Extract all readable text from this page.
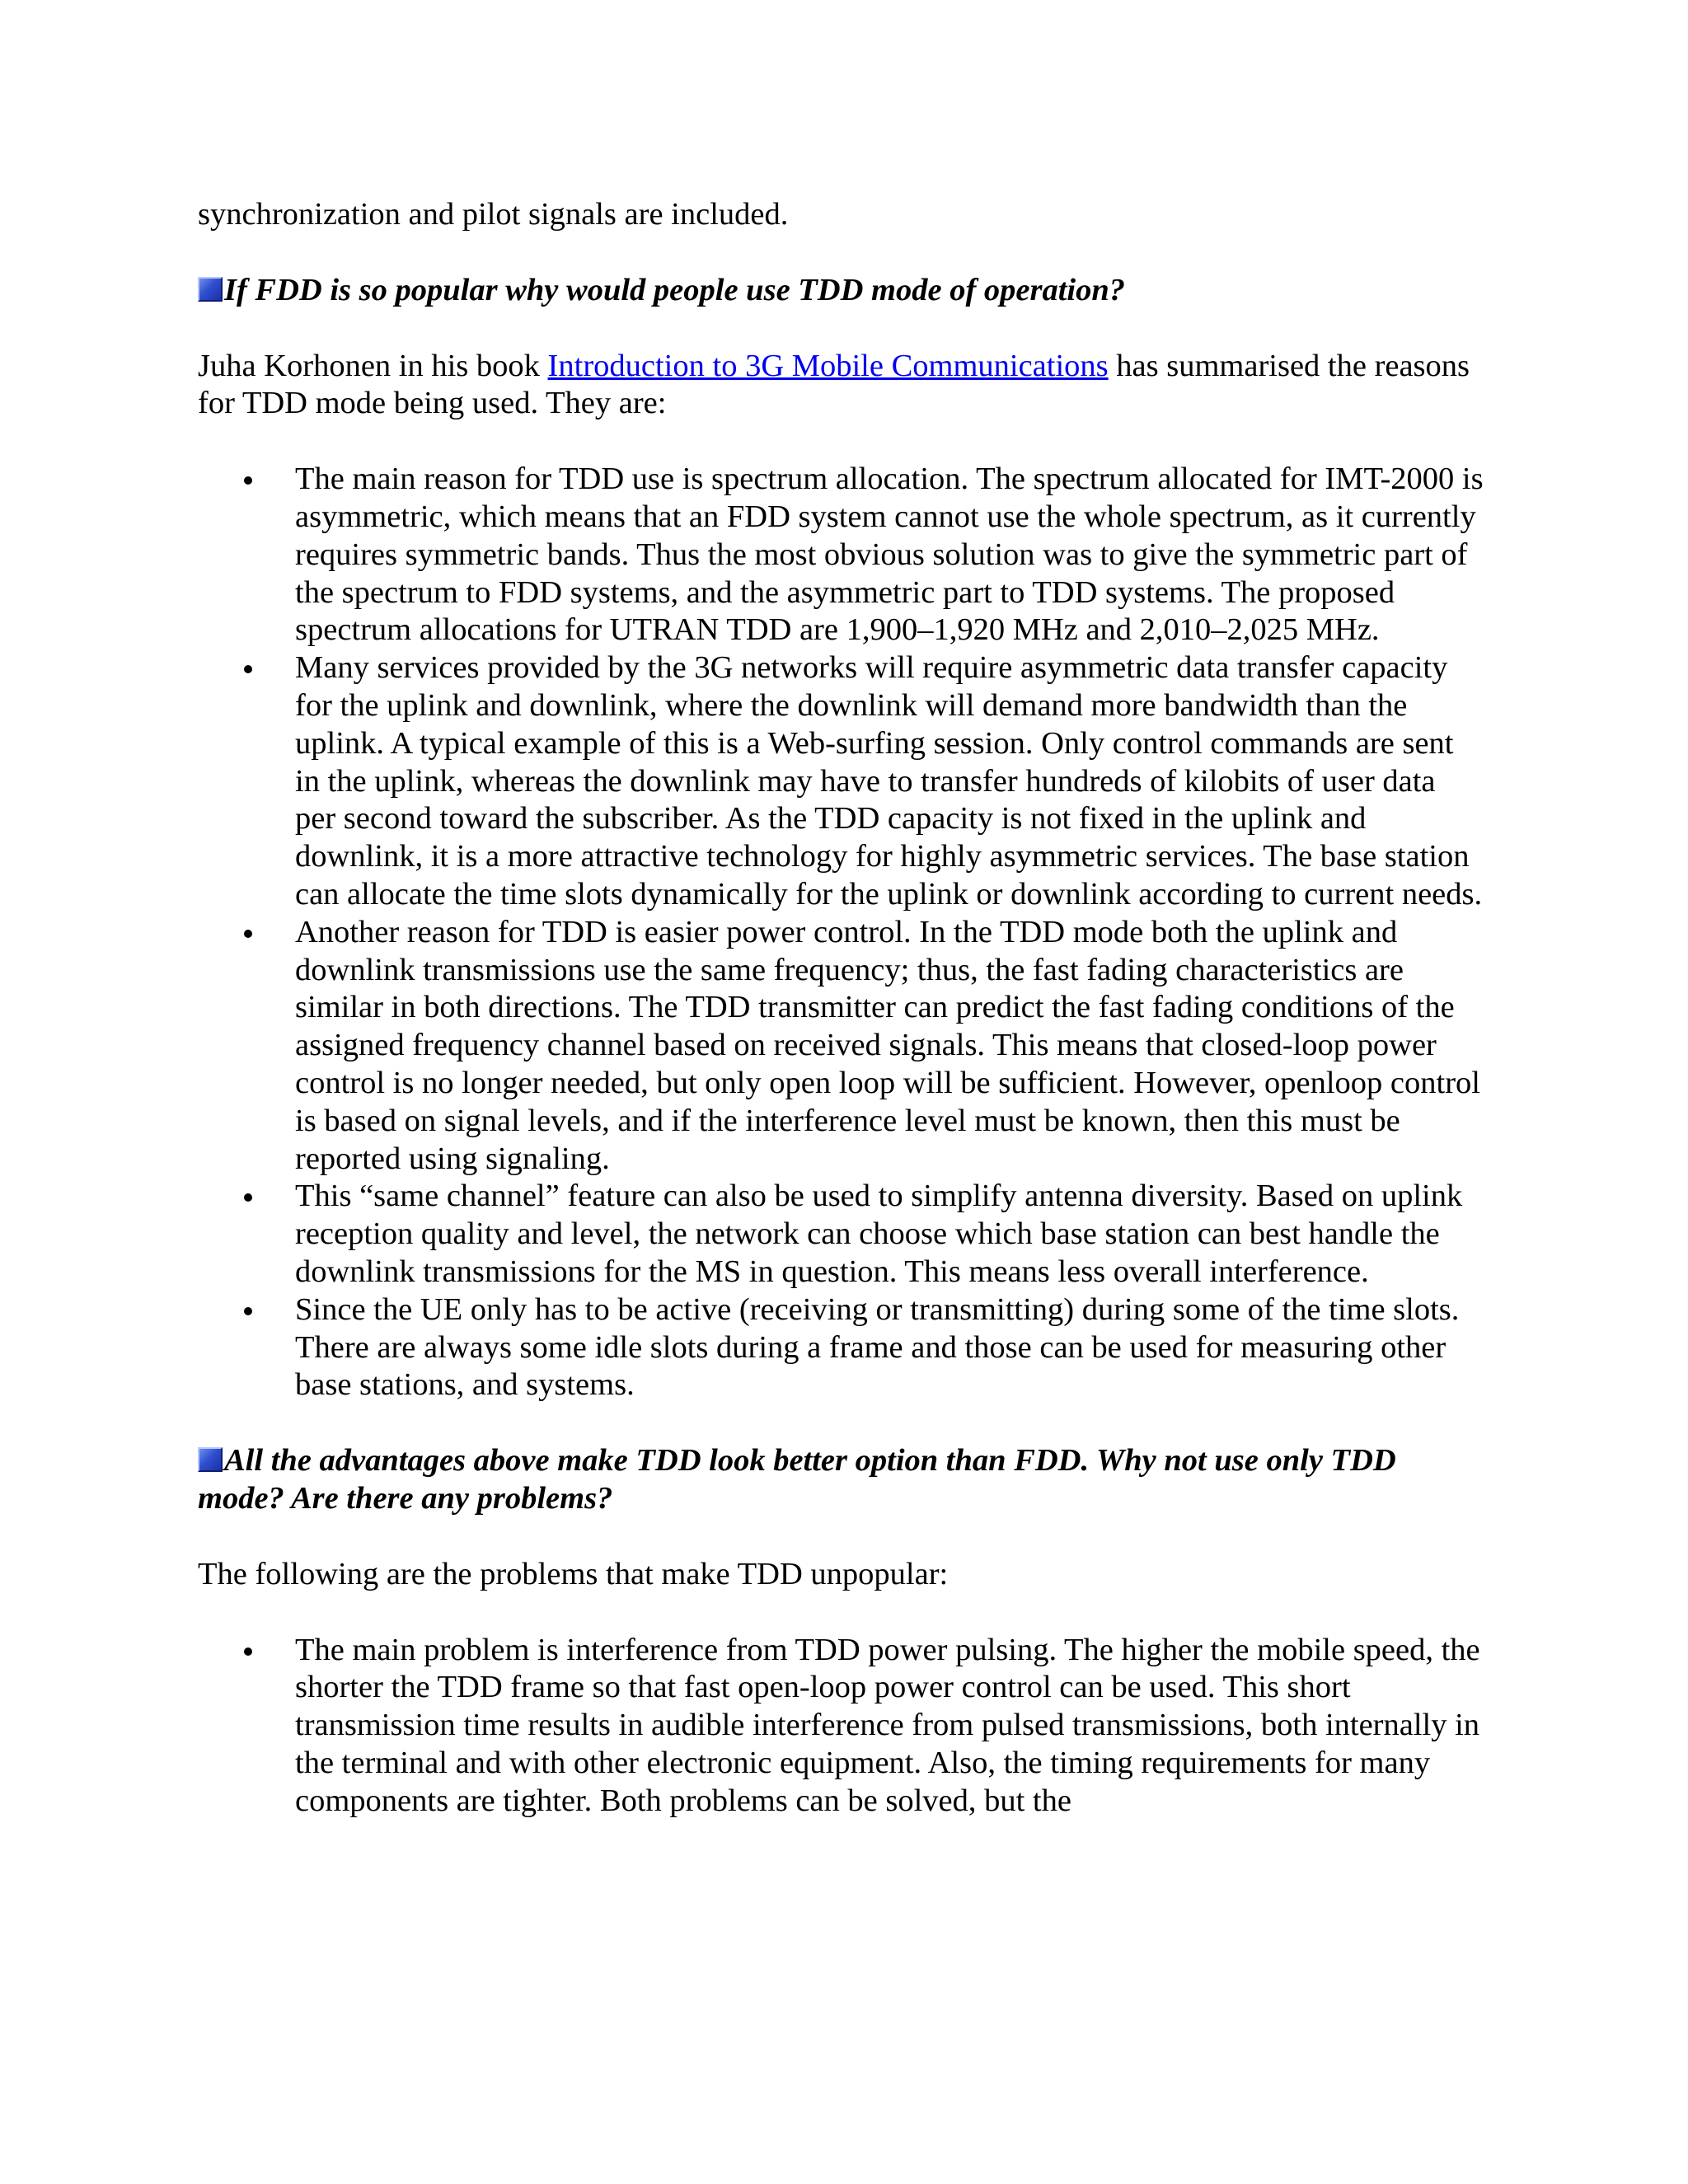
synchronization and pilot signals are included.

If FDD is so popular why would people use TDD mode of operation?

Juha Korhonen in his book Introduction to 3G Mobile Communications has summarised the reasons for TDD mode being used. They are:

The main reason for TDD use is spectrum allocation. The spectrum allocated for IMT-2000 is asymmetric, which means that an FDD system cannot use the whole spectrum, as it currently requires symmetric bands. Thus the most obvious solution was to give the symmetric part of the spectrum to FDD systems, and the asymmetric part to TDD systems. The proposed spectrum allocations for UTRAN TDD are 1,900–1,920 MHz and 2,010–2,025 MHz.
Many services provided by the 3G networks will require asymmetric data transfer capacity for the uplink and downlink, where the downlink will demand more bandwidth than the uplink. A typical example of this is a Web-surfing session. Only control commands are sent in the uplink, whereas the downlink may have to transfer hundreds of kilobits of user data per second toward the subscriber. As the TDD capacity is not fixed in the uplink and downlink, it is a more attractive technology for highly asymmetric services. The base station can allocate the time slots dynamically for the uplink or downlink according to current needs.
Another reason for TDD is easier power control. In the TDD mode both the uplink and downlink transmissions use the same frequency; thus, the fast fading characteristics are similar in both directions. The TDD transmitter can predict the fast fading conditions of the assigned frequency channel based on received signals. This means that closed-loop power control is no longer needed, but only open loop will be sufficient. However, openloop control is based on signal levels, and if the interference level must be known, then this must be reported using signaling.
This “same channel” feature can also be used to simplify antenna diversity. Based on uplink reception quality and level, the network can choose which base station can best handle the downlink transmissions for the MS in question. This means less overall interference.
Since the UE only has to be active (receiving or transmitting) during some of the time slots. There are always some idle slots during a frame and those can be used for measuring other base stations, and systems.

All the advantages above make TDD look better option than FDD. Why not use only TDD mode? Are there any problems?

The following are the problems that make TDD unpopular:

The main problem is interference from TDD power pulsing. The higher the mobile speed, the shorter the TDD frame so that fast open-loop power control can be used. This short transmission time results in audible interference from pulsed transmissions, both internally in the terminal and with other electronic equipment. Also, the timing requirements for many components are tighter. Both problems can be solved, but the
